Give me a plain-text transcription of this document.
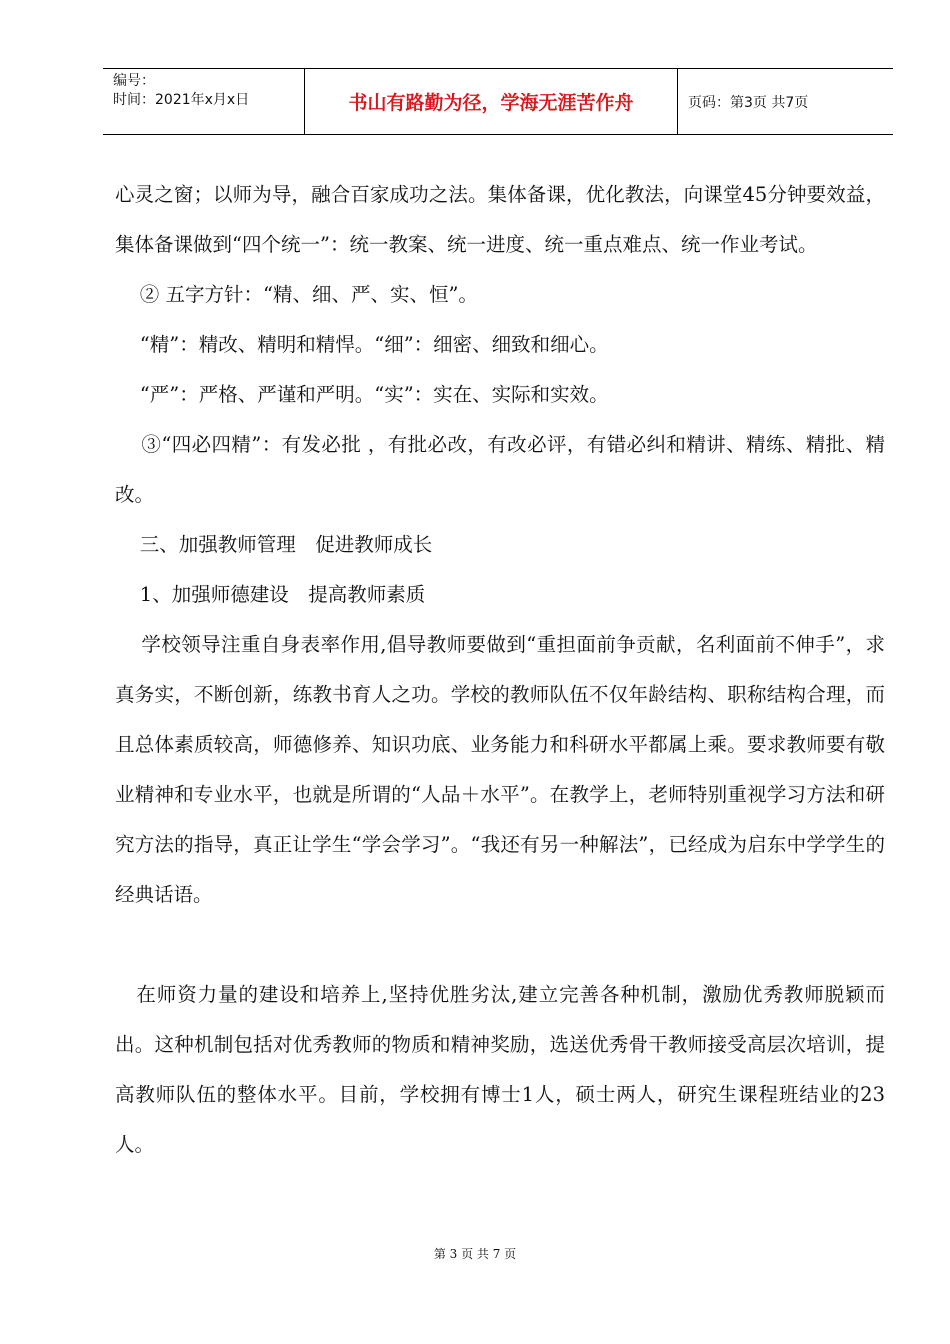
编号：
时间：2021年x月x日	书山有路勤为径，学海无涯苦作舟	页码：第3页 共7页

心灵之窗；以师为导，融合百家成功之法。集体备课，优化教法，向课堂45分钟要效益，集体备课做到“四个统一”：统一教案、统一进度、统一重点难点、统一作业考试。

② 五字方针：“精、细、严、实、恒”。

“精”：精改、精明和精悍。“细”：细密、细致和细心。

“严”：严格、严谨和严明。“实”：实在、实际和实效。

③“四必四精”：有发必批 ，有批必改，有改必评，有错必纠和精讲、精练、精批、精改。

三、加强教师管理　促进教师成长

1、加强师德建设　提高教师素质

学校领导注重自身表率作用,倡导教师要做到“重担面前争贡献，名利面前不伸手”，求真务实，不断创新，练教书育人之功。学校的教师队伍不仅年龄结构、职称结构合理，而且总体素质较高，师德修养、知识功底、业务能力和科研水平都属上乘。要求教师要有敬业精神和专业水平，也就是所谓的“人品＋水平”。在教学上，老师特别重视学习方法和研究方法的指导，真正让学生“学会学习”。“我还有另一种解法”，已经成为启东中学学生的经典话语。

在师资力量的建设和培养上,坚持优胜劣汰,建立完善各种机制，激励优秀教师脱颖而出。这种机制包括对优秀教师的物质和精神奖励，选送优秀骨干教师接受高层次培训，提高教师队伍的整体水平。目前，学校拥有博士1人，硕士两人，研究生课程班结业的23人。

第 3 页 共 7 页
